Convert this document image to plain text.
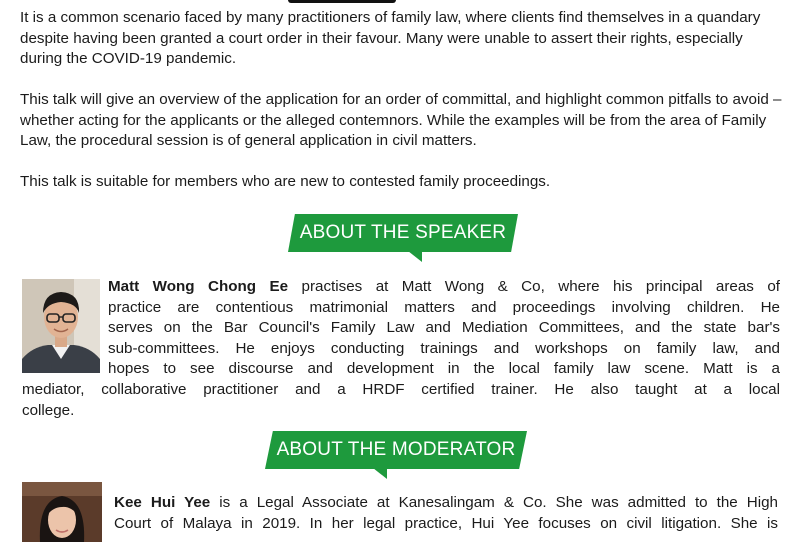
It is a common scenario faced by many practitioners of family law, where clients find themselves in a quandary despite having been granted a court order in their favour. Many were unable to assert their rights, especially during the COVID-19 pandemic.

This talk will give an overview of the application for an order of committal, and highlight common pitfalls to avoid – whether acting for the applicants or the alleged contemnors. While the examples will be from the area of Family Law, the procedural session is of general application in civil matters.

This talk is suitable for members who are new to contested family proceedings.

ABOUT THE SPEAKER
Matt Wong Chong Ee practises at Matt Wong & Co, where his principal areas of
practice are contentious matrimonial matters and proceedings involving children. He
serves on the Bar Council's Family Law and Mediation Committees, and the state bar's
sub-committees. He enjoys conducting trainings and workshops on family law, and
hopes to see discourse and development in the local family law scene. Matt is a
mediator, collaborative practitioner and a HRDF certified trainer. He also taught at a local
college.
ABOUT THE MODERATOR
Kee Hui Yee is a Legal Associate at Kanesalingam & Co. She was admitted to the High
Court of Malaya in 2019. In her legal practice, Hui Yee focuses on civil litigation. She is
